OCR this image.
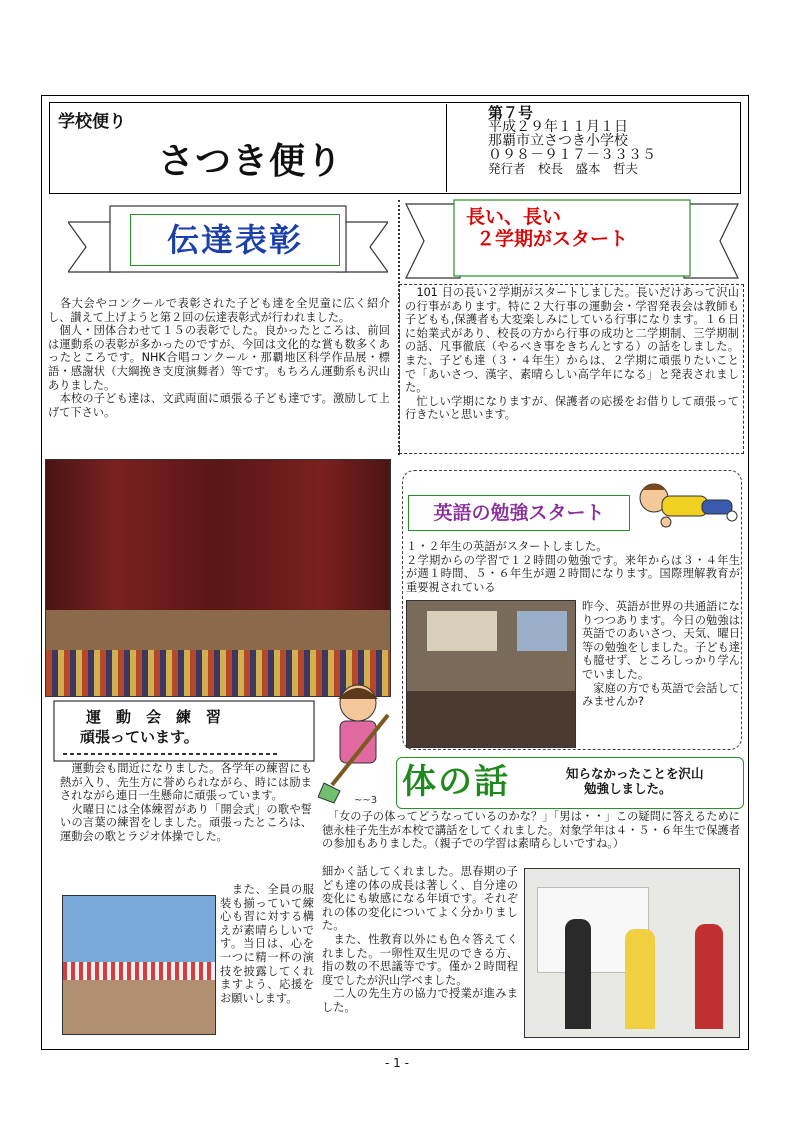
学校便り
さつき便り
第７号
平成２９年１１月１日
那覇市立さつき小学校
０９８－９１７－３３３５
発行者　校長　盛本　哲夫
伝達表彰
　各大会やコンクールで表彰された子ども達を全児童に広く紹介し、讃えて上げようと第２回の伝達表彰式が行われました。
　個人・団体合わせて１５の表彰でした。良かったところは、前回は運動系の表彰が多かったのですが、今回は文化的な賞も数多くあったところです。NHK合唱コンクール・那覇地区科学作品展・標語・感謝状（大綱挽き支度演舞者）等です。もちろん運動系も沢山ありました。
　本校の子ども達は、文武両面に頑張る子ども達です。激励して上げて下さい。
長い、長い
２学期がスタート
　101 日の長い２学期がスタートしました。長いだけあって沢山の行事があります。特に２大行事の運動会・学習発表会は教師も子どもも,保護者も大変楽しみにしている行事になります。１６日に始業式があり、校長の方から行事の成功と二学期制、三学期制の話、凡事徹底（やるべき事をきちんとする）の話をしました。また、子ども達（３・４年生）からは、２学期に頑張りたいことで「あいさつ、漢字、素晴らしい高学年になる」と発表されました。
　忙しい学期になりますが、保護者の応援をお借りして頑張って行きたいと思います。
英語の勉強スタート
１・２年生の英語がスタートしました。
２学期からの学習で１２時間の勉強です。来年からは３・４年生が週１時間、５・６年生が週２時間になります。国際理解教育が重要視されている
昨今、英語が世界の共通語になりつつあります。今日の勉強は英語でのあいさつ、天気、曜日等の勉強をしました。子ども達も臆せず、ところしっかり学んでいました。
　家庭の方でも英語で会話してみませんか?
運　動　会　練　習
頑張っています。
　運動会も間近になりました。各学年の練習にも熱が入り、先生方に誉められながら、時には励まされながら連日一生懸命に頑張っています。
　火曜日には全体練習があり「開会式」の歌や誓いの言葉の練習をしました。頑張ったところは、運動会の歌とラジオ体操でした。
　また、全員の服装も揃っていて練心も習に対する構えが素晴らしいです。当日は、心を一つに精一杯の演技を披露してくれますよう、応援をお願いします。
~~3 体の話	知らなかったことを沢山
勉強しました。
　「女の子の体ってどうなっているのかな？」「男は・・」この疑問に答えるために徳永桂子先生が本校で講話をしてくれました。対象学年は４・５・６年生で保護者の参加もありました。（親子での学習は素晴らしいですね。）
細かく話してくれました。思春期の子ども達の体の成長は著しく、自分達の変化にも敏感になる年頃です。それぞれの体の変化についてよく分かりました。
　また、性教育以外にも色々答えてくれました。一卵性双生児のできる方、指の数の不思議等です。僅か２時間程度でしたが沢山学べました。
　二人の先生方の協力で授業が進みました。
- 1 -
